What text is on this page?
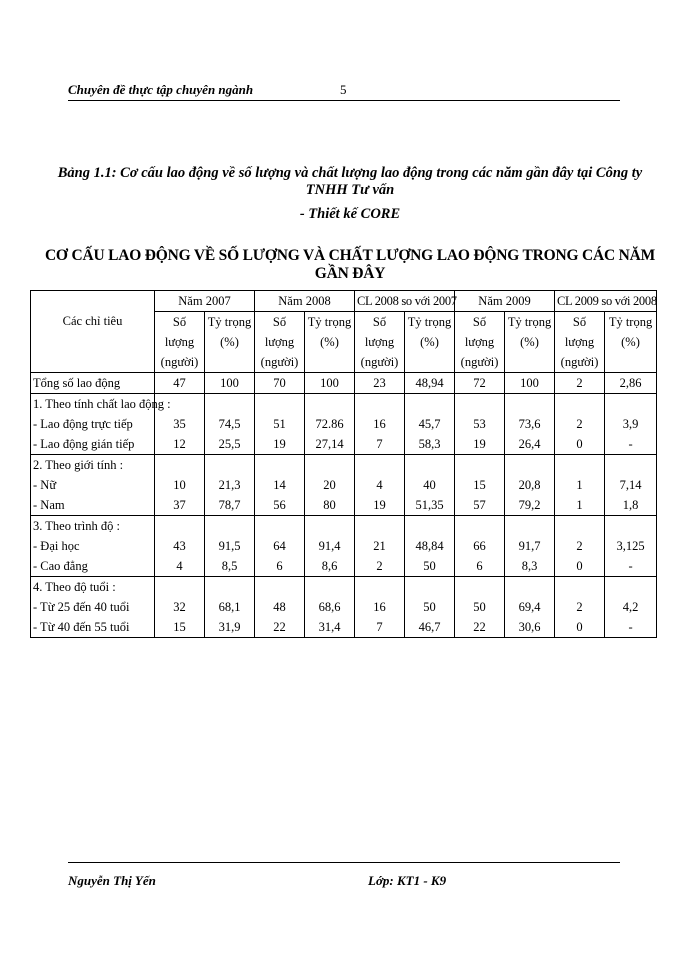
Chuyên đề thực tập chuyên ngành	5
Bảng 1.1: Cơ cấu lao động về số lượng và chất lượng lao động trong các năm gần đây tại Công ty TNHH Tư vấn
- Thiết kế CORE
CƠ CẤU LAO ĐỘNG VỀ SỐ LƯỢNG VÀ CHẤT LƯỢNG LAO ĐỘNG TRONG CÁC NĂM GẦN ĐÂY
Các chỉ tiêu	Năm 2007		Năm 2008		CL 2008 so với 2007		Năm 2009		CL 2009 so với 2008	
	Số lượng
(người)	Tỷ trọng
(%)	Số lượng
(người)	Tỷ trọng
(%)	Số lượng
(người)	Tỷ trọng
(%)	Số lượng
(người)	Tỷ trọng
(%)	Số lượng
(người)	Tỷ trọng
(%)
Tổng số lao động	47	100	70	100	23	48,94	72	100	2	2,86
1. Theo tính chất lao động :										
- Lao động trực tiếp	35	74,5	51	72.86	16	45,7	53	73,6	2	3,9
- Lao động gián tiếp	12	25,5	19	27,14	7	58,3	19	26,4	0	-
2. Theo giới tính :										
- Nữ	10	21,3	14	20	4	40	15	20,8	1	7,14
- Nam	37	78,7	56	80	19	51,35	57	79,2	1	1,8
3. Theo trình độ :										
- Đại học	43	91,5	64	91,4	21	48,84	66	91,7	2	3,125
- Cao đẳng	4	8,5	6	8,6	2	50	6	8,3	0	-
4. Theo độ tuổi :										
- Từ 25 đến 40 tuổi	32	68,1	48	68,6	16	50	50	69,4	2	4,2
- Từ 40 đến 55 tuổi	15	31,9	22	31,4	7	46,7	22	30,6	0	-
Nguyễn Thị Yến	Lớp: KT1 - K9
